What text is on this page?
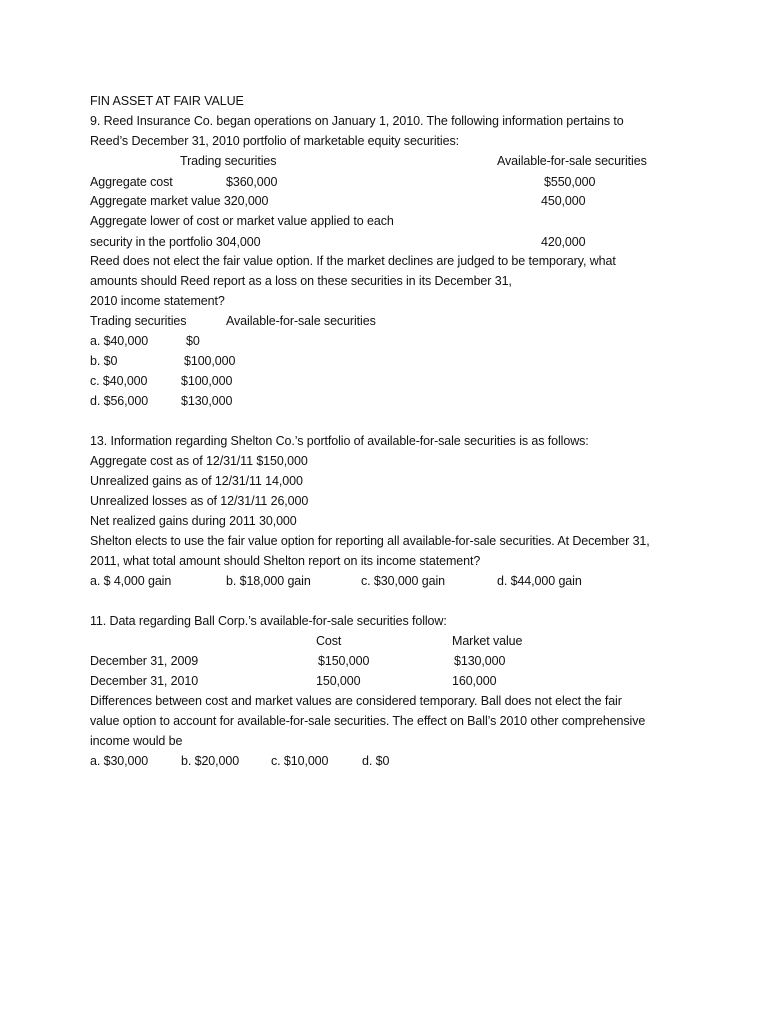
FIN ASSET AT FAIR VALUE
9. Reed Insurance Co. began operations on January 1, 2010. The following information pertains to
Reed’s December 31, 2010 portfolio of marketable equity securities:
Trading securities	Available-for-sale securities
Aggregate cost	$360,000	$550,000
Aggregate market value 320,000	450,000
Aggregate lower of cost or market value applied to each
security in the portfolio 304,000	420,000
Reed does not elect the fair value option. If the market declines are judged to be temporary, what
amounts should Reed report as a loss on these securities in its December 31,
2010 income statement?
Trading securities	Available-for-sale securities
a. $40,000	$0
b. $0	$100,000
c. $40,000	$100,000
d. $56,000	$130,000
13. Information regarding Shelton Co.’s portfolio of available-for-sale securities is as follows:
Aggregate cost as of 12/31/11 $150,000
Unrealized gains as of 12/31/11 14,000
Unrealized losses as of 12/31/11 26,000
Net realized gains during 2011 30,000
Shelton elects to use the fair value option for reporting all available-for-sale securities. At December 31,
2011, what total amount should Shelton report on its income statement?
a. $ 4,000 gain	b. $18,000 gain	c. $30,000 gain	d. $44,000 gain
11. Data regarding Ball Corp.’s available-for-sale securities follow:
Cost	Market value
December 31, 2009	$150,000	$130,000
December 31, 2010	150,000	160,000
Differences between cost and market values are considered temporary. Ball does not elect the fair
value option to account for available-for-sale securities. The effect on Ball’s 2010 other comprehensive
income would be
a. $30,000	b. $20,000	c. $10,000	d. $0
